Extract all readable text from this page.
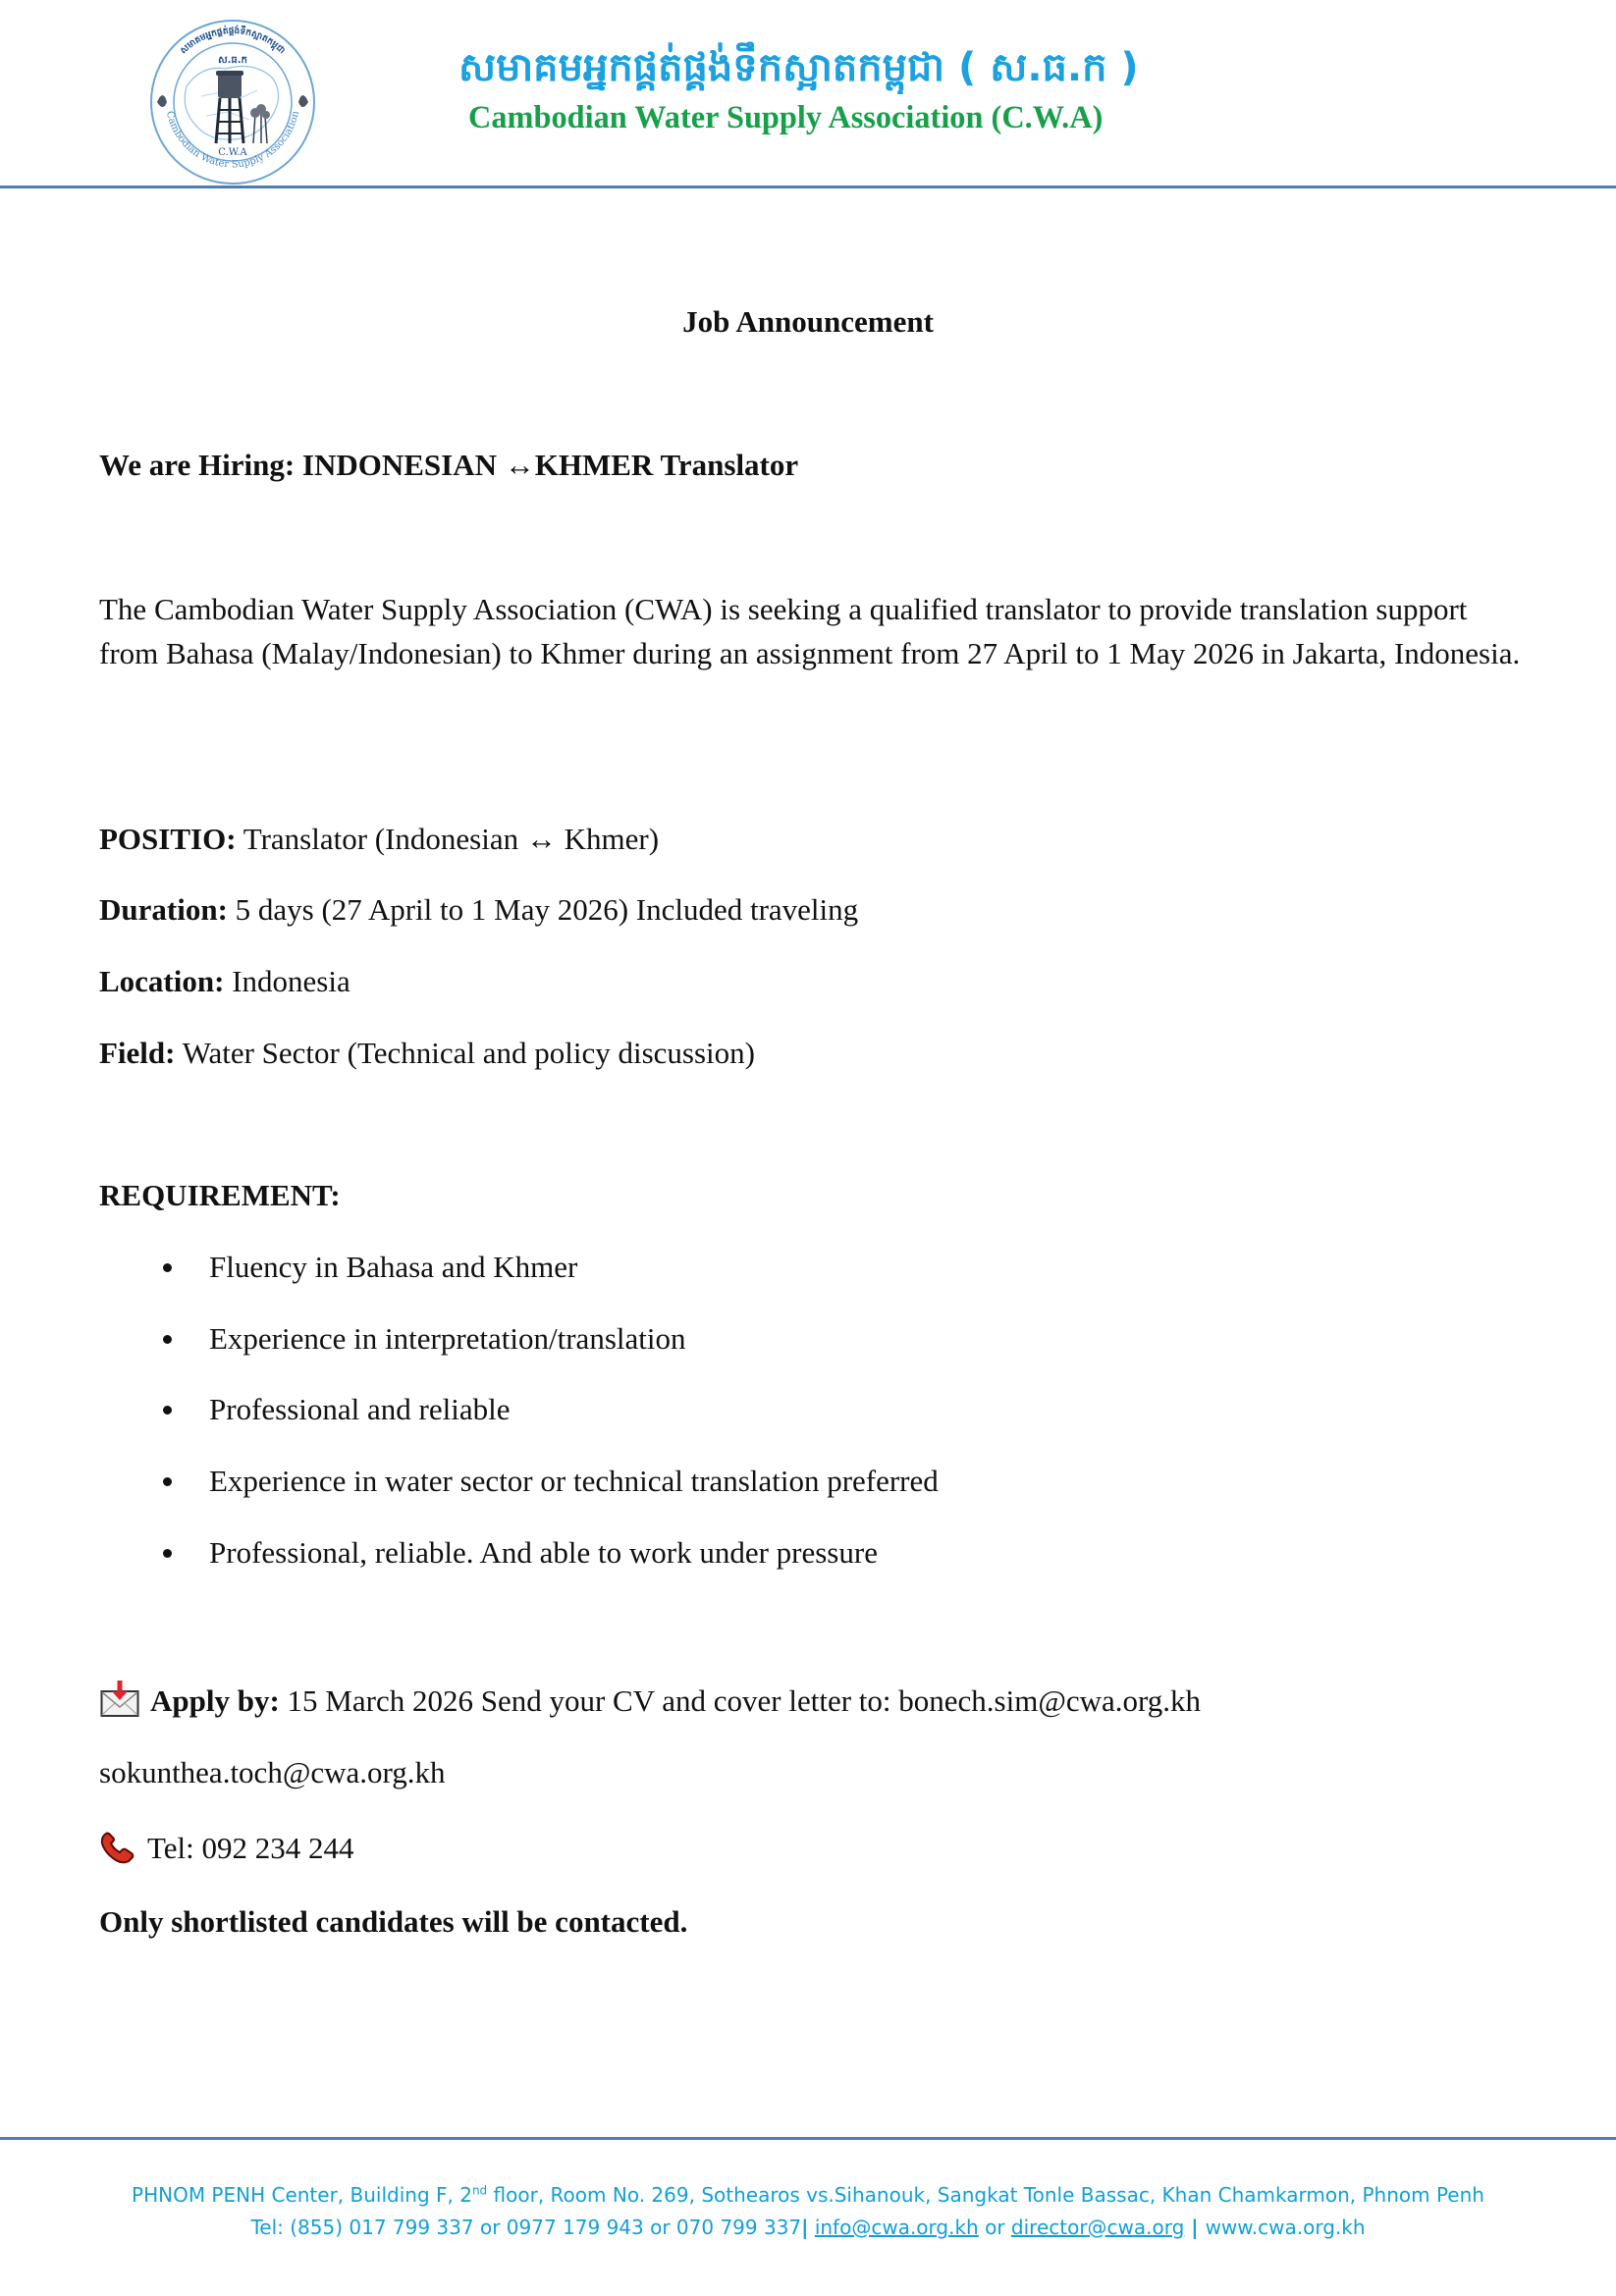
ស.ធ.ក
C.W.A
សមាគមអ្នកផ្គត់ផ្គង់ទឹកស្អាតកម្ពុជា
Cambodian Water Supply Association
សមាគមអ្នកផ្គត់ផ្គង់ទឹកស្អាតកម្ពុជា ( ស.ធ.ក )
Cambodian Water Supply Association (C.W.A)
Job Announcement
We are Hiring: INDONESIAN ↔KHMER Translator
The Cambodian Water Supply Association (CWA) is seeking a qualified translator to provide translation support from Bahasa (Malay/Indonesian) to Khmer during an assignment from 27 April to 1 May 2026 in Jakarta, Indonesia.
POSITIO: Translator (Indonesian ↔ Khmer)
Duration: 5 days (27 April to 1 May 2026) Included traveling
Location: Indonesia
Field: Water Sector (Technical and policy discussion)
REQUIREMENT:
Fluency in Bahasa and Khmer
Experience in interpretation/translation
Professional and reliable
Experience in water sector or technical translation preferred
Professional, reliable. And able to work under pressure
Apply by: 15 March 2026 Send your CV and cover letter to: bonech.sim@cwa.org.kh
sokunthea.toch@cwa.org.kh
Tel: 092 234 244
Only shortlisted candidates will be contacted.
PHNOM PENH Center, Building F, 2nd floor, Room No. 269, Sothearos vs.Sihanouk, Sangkat Tonle Bassac, Khan Chamkarmon, Phnom Penh
Tel: (855) 017 799 337 or 0977 179 943 or 070 799 337| info@cwa.org.kh or director@cwa.org | www.cwa.org.kh
